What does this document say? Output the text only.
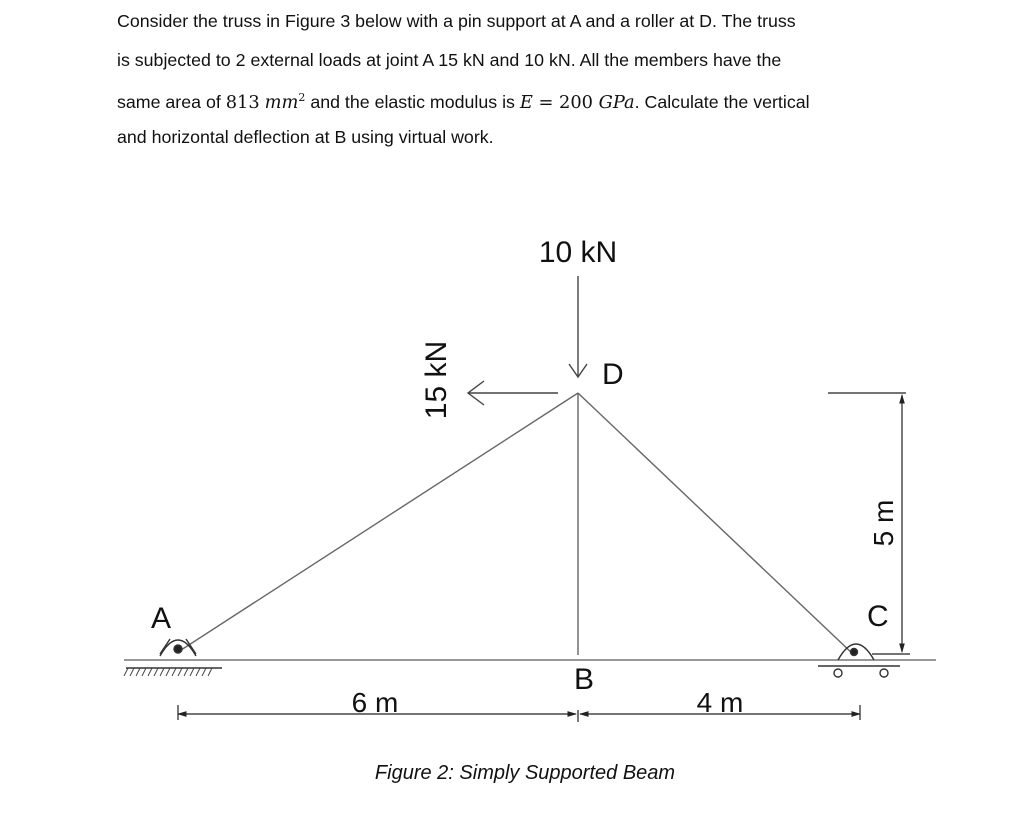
Consider the truss in Figure 3 below with a pin support at A and a roller at D. The truss
is subjected to 2 external loads at joint A 15 kN and 10 kN. All the members have the
same area of 813 $mm^2$ and the elastic modulus is E = 200 GPa. Calculate the vertical
and horizontal deflection at B using virtual work.
10 kN
15 kN	D
A	C
B
6 m	4 m
5 m
Figure 2: Simply Supported Beam
